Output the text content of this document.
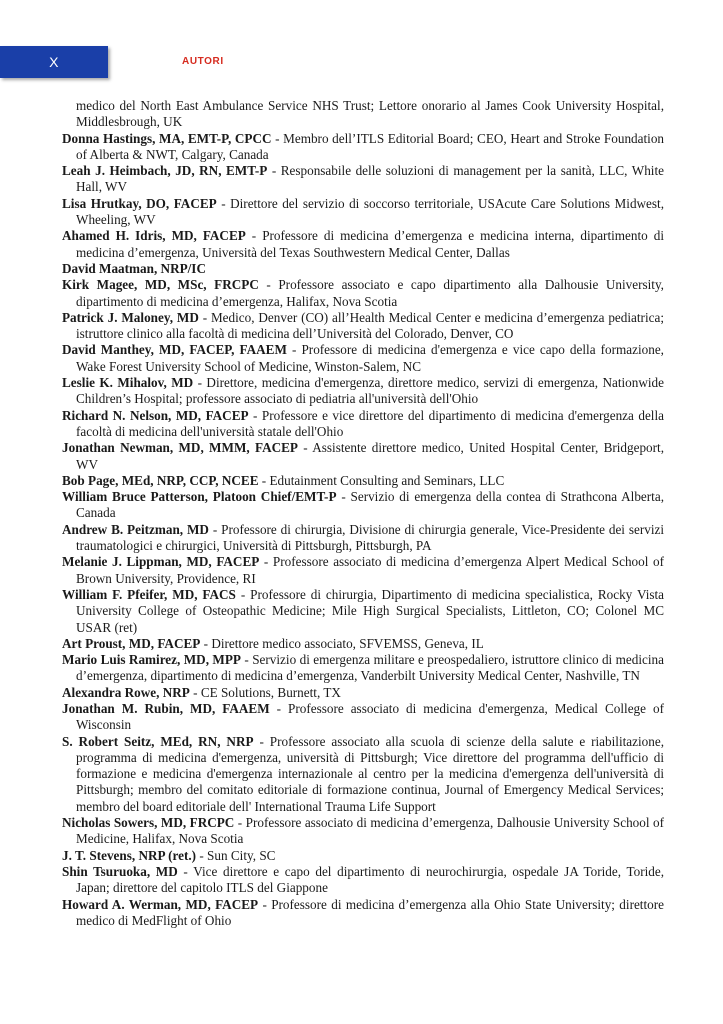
X	AUTORI

medico del North East Ambulance Service NHS Trust; Lettore onorario al James Cook University Hospital, Middlesbrough, UK

Donna Hastings, MA, EMT-P, CPCC - Membro dell’ITLS Editorial Board; CEO, Heart and Stroke Foundation of Alberta & NWT, Calgary, Canada

Leah J. Heimbach, JD, RN, EMT-P - Responsabile delle soluzioni di management per la sanità, LLC, White Hall, WV

Lisa Hrutkay, DO, FACEP - Direttore del servizio di soccorso territoriale, USAcute Care Solutions Midwest, Wheeling, WV

Ahamed H. Idris, MD, FACEP - Professore di medicina d’emergenza e medicina interna, dipartimento di medicina d’emergenza, Università del Texas Southwestern Medical Center, Dallas

David Maatman, NRP/IC

Kirk Magee, MD, MSc, FRCPC - Professore associato e capo dipartimento alla Dalhousie University, dipartimento di medicina d’emergenza, Halifax, Nova Scotia

Patrick J. Maloney, MD - Medico, Denver (CO) all’Health Medical Center e medicina d’emergenza pediatrica; istruttore clinico alla facoltà di medicina dell’Università del Colorado, Denver, CO

David Manthey, MD, FACEP, FAAEM - Professore di medicina d'emergenza e vice capo della formazione, Wake Forest University School of Medicine, Winston-Salem, NC

Leslie K. Mihalov, MD - Direttore, medicina d'emergenza, direttore medico, servizi di emergenza, Nationwide Children’s Hospital; professore associato di pediatria all'università dell'Ohio

Richard N. Nelson, MD, FACEP - Professore e vice direttore del dipartimento di medicina d'emergenza della facoltà di medicina dell'università statale dell'Ohio

Jonathan Newman, MD, MMM, FACEP - Assistente direttore medico, United Hospital Center, Bridgeport, WV

Bob Page, MEd, NRP, CCP, NCEE - Edutainment Consulting and Seminars, LLC

William Bruce Patterson, Platoon Chief/EMT-P - Servizio di emergenza della contea di Strathcona Alberta, Canada

Andrew B. Peitzman, MD - Professore di chirurgia, Divisione di chirurgia generale, Vice-Presidente dei servizi traumatologici e chirurgici, Università di Pittsburgh, Pittsburgh, PA

Melanie J. Lippman, MD, FACEP - Professore associato di medicina d’emergenza Alpert Medical School of Brown University, Providence, RI

William F. Pfeifer, MD, FACS - Professore di chirurgia, Dipartimento di medicina specialistica, Rocky Vista University College of Osteopathic Medicine; Mile High Surgical Specialists, Littleton, CO; Colonel MC USAR (ret)

Art Proust, MD, FACEP - Direttore medico associato, SFVEMSS, Geneva, IL

Mario Luis Ramirez, MD, MPP - Servizio di emergenza militare e preospedaliero, istruttore clinico di medicina d’emergenza, dipartimento di medicina d’emergenza, Vanderbilt University Medical Center, Nashville, TN

Alexandra Rowe, NRP - CE Solutions, Burnett, TX

Jonathan M. Rubin, MD, FAAEM - Professore associato di medicina d'emergenza, Medical College of Wisconsin

S. Robert Seitz, MEd, RN, NRP - Professore associato alla scuola di scienze della salute e riabilitazione, programma di medicina d'emergenza, università di Pittsburgh; Vice direttore del programma dell'ufficio di formazione e medicina d'emergenza internazionale al centro per la medicina d'emergenza dell'università di Pittsburgh; membro del comitato editoriale di formazione continua, Journal of Emergency Medical Services; membro del board editoriale dell' International Trauma Life Support

Nicholas Sowers, MD, FRCPC - Professore associato di medicina d’emergenza, Dalhousie University School of Medicine, Halifax, Nova Scotia

J. T. Stevens, NRP (ret.) - Sun City, SC

Shin Tsuruoka, MD - Vice direttore e capo del dipartimento di neurochirurgia, ospedale JA Toride, Toride, Japan; direttore del capitolo ITLS del Giappone

Howard A. Werman, MD, FACEP - Professore di medicina d’emergenza alla Ohio State University; direttore medico di MedFlight of Ohio
